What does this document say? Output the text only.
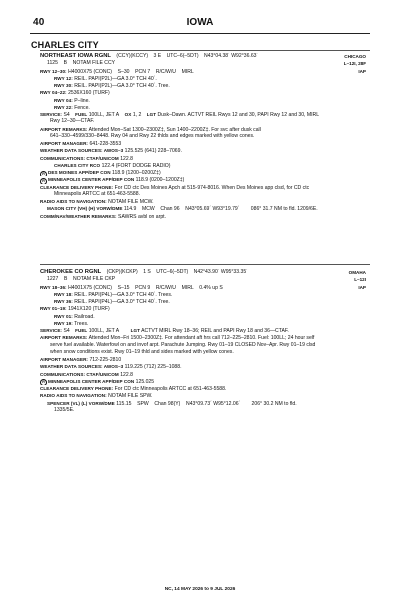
40	IOWA
CHARLES CITY
CHICAGO
L–12I, 28F
IAP
NORTHEAST IOWA RGNL (CCY)(KCCY) 3 E UTC–6(–5DT) N43°04.38´ W92°36.63´
1125    B    NOTAM FILE CCY
RWY 12–30: H4000X75 (CONC)    S–30    PCN 7    R/C/W/U    MIRL
RWY 12: REIL. PAPI(P2L)—GA 3.0° TCH 40´.
RWY 30: REIL. PAPI(P2L)—GA 3.0° TCH 40´. Tree.
RWY 04–22: 2536X160 (TURF)
RWY 04: P–line.
RWY 22: Fence.
SERVICE: S4 FUEL 100LL, JET A OX 1, 2 LGT Dusk–Dawn. ACTVT REIL Rwys 12 and 30, PAPI Rwy 12 and 30, MIRL
Rwy 12–30—CTAF.
AIRPORT REMARKS: Attended Mon–Sat 1300–2300Z‡, Sun 1400–2200Z‡. For svc after dusk call
641–330–4599/330–8448. Rwy 04 and Rwy 22 thlds and edges marked with yellow cones.
AIRPORT MANAGER: 641-228-3553
WEATHER DATA SOURCES: AWOS–3 125.525 (641) 228–7069.
COMMUNICATIONS: CTAF/UNICOM 122.8
CHARLES CITY RCO 122.4 (FORT DODGE RADIO)
R DES MOINES APP/DEP CON 118.9 (1200–0200Z‡)
R MINNEAPOLIS CENTER APP/DEP CON 118.9 (0200–1200Z‡)
CLEARANCE DELIVERY PHONE: For CD ctc Des Moines Apch at 515-974-8016. When Des Moines app clsd, for CD ctc
Minneapolis ARTCC at 651-463-5588.
RADIO AIDS TO NAVIGATION: NOTAM FILE MCW.
MASON CITY (VH) (H) VORW/DME 114.9    MCW    Chan 96    N43°05.69´ W93°19.79´        086° 31.7 NM to fld. 1209/6E.
COMM/NAV/WEATHER REMARKS: SAWRS avbl on arpt.
OMAHA
L–12I
IAP
CHEROKEE CO RGNL (CKP)(KCKP) 1 S UTC–6(–5DT) N42°43.90´ W95°33.35´
1227    B    NOTAM FILE CKP
RWY 18–36: H4001X75 (CONC)    S–15    PCN 9    R/C/W/U    MIRL    0.4% up S
RWY 18: REIL. PAPI(P4L)—GA 3.0° TCH 40´. Trees.
RWY 36: REIL. PAPI(P4L)—GA 3.0° TCH 40´. Tree.
RWY 01–19: 1941X120 (TURF)
RWY 01: Railroad.
RWY 19: Trees.
SERVICE: S4 FUEL 100LL, JET A LGT ACTVT MIRL Rwy 18–36; REIL and PAPI Rwy 18 and 36—CTAF.
AIRPORT REMARKS: Attended Mon–Fri 1500–2300Z‡. For attendant aft hrs call 712–225–2810. Fuel: 100LL; 24 hour self
serve fuel available. Waterfowl on and invof arpt. Parachute Jumping. Rwy 01–19 CLOSED Nov–Apr. Rwy 01–19 clsd
when snow conditions exist. Rwy 01–19 thld and sides marked with yellow cones.
AIRPORT MANAGER: 712-225-2810
WEATHER DATA SOURCES: AWOS–3 119.225 (712) 225–1088.
COMMUNICATIONS: CTAF/UNICOM 122.8
R MINNEAPOLIS CENTER APP/DEP CON 125.025
CLEARANCE DELIVERY PHONE: For CD ctc Minneapolis ARTCC at 651-463-5588.
RADIO AIDS TO NAVIGATION: NOTAM FILE SPW.
SPENCER (VL) (L) VORW/DME 115.15    SPW    Chan 98(Y)    N43°09.73´ W95°12.06´        206° 30.2 NM to fld.
1335/5E.
NC, 14 MAY 2026 to 9 JUL 2026
